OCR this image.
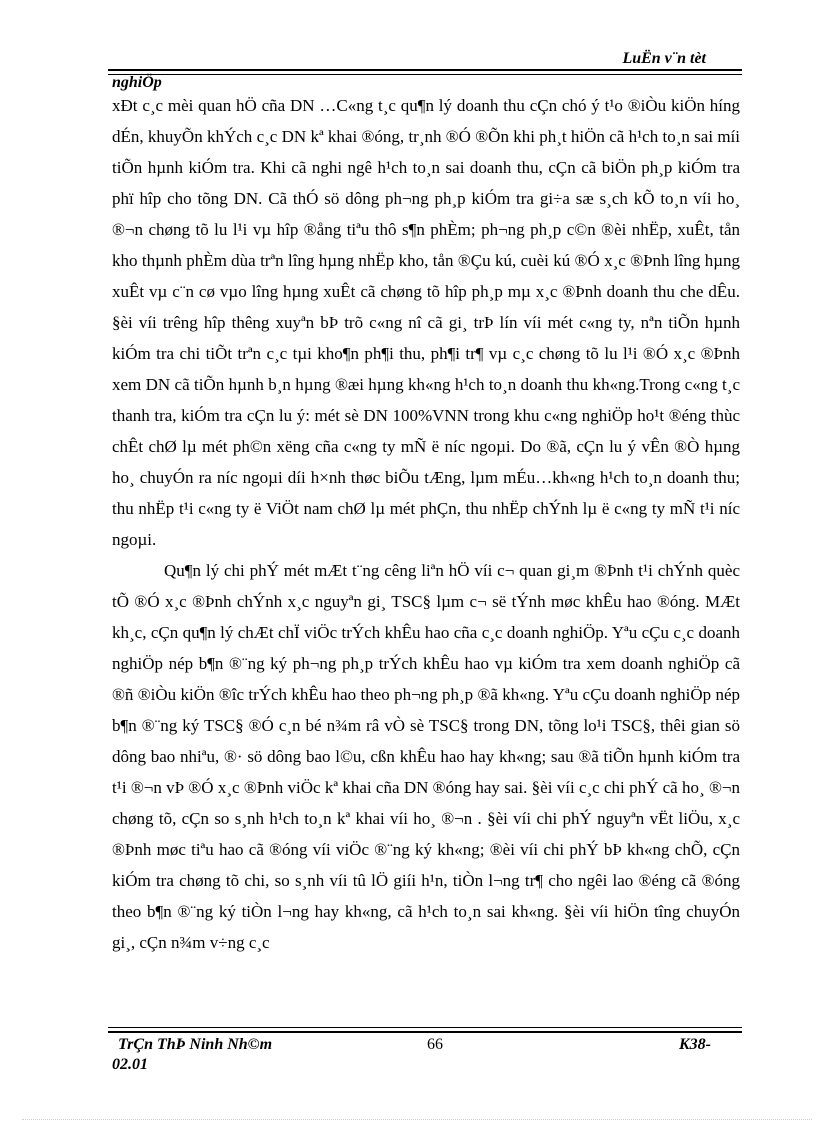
LuËn v¨n tèt
nghiÖp

xÐt c¸c mèi quan hÖ cña DN …C«ng t¸c qu¶n lý doanh thu cÇn chó ý t¹o ®iÒu kiÖn híng dÉn, khuyÕn khÝch c¸c DN kª khai ®óng, tr¸nh ®Ó ®Õn khi ph¸t hiÖn cã h¹ch to¸n sai míi tiÕn hµnh kiÓm tra. Khi cã nghi ngê h¹ch to¸n sai doanh thu, cÇn cã biÖn ph¸p kiÓm tra phï hîp cho tõng DN. Cã thÓ sö dông ph¬ng ph¸p kiÓm tra gi÷a sæ s¸ch kÕ to¸n víi ho¸ ®¬n chøng tõ lu l¹i vµ hîp ®ång tiªu thô s¶n phÈm; ph¬ng ph¸p c©n ®èi nhËp, xuÊt, tån kho thµnh phÈm dùa trªn lîng hµng nhËp kho, tån ®Çu kú, cuèi kú ®Ó x¸c ®Þnh lîng hµng xuÊt vµ c¨n cø vµo lîng hµng xuÊt cã chøng tõ hîp ph¸p mµ x¸c ®Þnh doanh thu che dÊu. §èi víi trêng hîp thêng xuyªn bÞ trõ c«ng nî cã gi¸ trÞ lín víi mét c«ng ty, nªn tiÕn hµnh kiÓm tra chi tiÕt trªn c¸c tµi kho¶n ph¶i thu, ph¶i tr¶ vµ c¸c chøng tõ lu l¹i ®Ó x¸c ®Þnh xem DN cã tiÕn hµnh b¸n hµng ®æi hµng kh«ng h¹ch to¸n doanh thu kh«ng.Trong c«ng t¸c thanh tra, kiÓm tra cÇn lu ý: mét sè DN 100%VNN trong khu c«ng nghiÖp ho¹t ®éng thùc chÊt chØ lµ mét ph©n xëng cña c«ng ty mÑ ë níc ngoµi. Do ®ã, cÇn lu ý vÊn ®Ò hµng ho¸ chuyÓn ra níc ngoµi díi h×nh thøc biÕu tÆng, lµm mÉu…kh«ng h¹ch to¸n doanh thu; thu nhËp t¹i c«ng ty ë ViÖt nam chØ lµ mét phÇn, thu nhËp chÝnh lµ ë c«ng ty mÑ t¹i níc ngoµi.

Qu¶n lý chi phÝ mét mÆt t¨ng cêng liªn hÖ víi c¬ quan gi¸m ®Þnh t¹i chÝnh quèc tÕ ®Ó x¸c ®Þnh chÝnh x¸c nguyªn gi¸ TSC§ lµm c¬ së tÝnh møc khÊu hao ®óng. MÆt kh¸c, cÇn qu¶n lý chÆt chÏ viÖc trÝch khÊu hao cña c¸c doanh nghiÖp. Yªu cÇu c¸c doanh nghiÖp nép b¶n ®¨ng ký ph¬ng ph¸p trÝch khÊu hao vµ kiÓm tra xem doanh nghiÖp cã ®ñ ®iÒu kiÖn ®îc trÝch khÊu hao theo ph¬ng ph¸p ®ã kh«ng. Yªu cÇu doanh nghiÖp nép b¶n ®¨ng ký TSC§ ®Ó c¸n bé n¾m râ vÒ sè TSC§ trong DN, tõng lo¹i TSC§, thêi gian sö dông bao nhiªu, ®· sö dông bao l©u, cßn khÊu hao hay kh«ng; sau ®ã tiÕn hµnh kiÓm tra t¹i ®¬n vÞ ®Ó x¸c ®Þnh viÖc kª khai cña DN ®óng hay sai. §èi víi c¸c chi phÝ cã ho¸ ®¬n chøng tõ, cÇn so s¸nh h¹ch to¸n kª khai víi ho¸ ®¬n . §èi víi chi phÝ nguyªn vËt liÖu, x¸c ®Þnh møc tiªu hao cã ®óng víi viÖc ®¨ng ký kh«ng; ®èi víi chi phÝ bÞ kh«ng chÕ, cÇn kiÓm tra chøng tõ chi, so s¸nh víi tû lÖ giíi h¹n, tiÒn l¬ng tr¶ cho ngêi lao ®éng cã ®óng theo b¶n ®¨ng ký tiÒn l¬ng hay kh«ng, cã h¹ch to¸n sai kh«ng. §èi víi hiÖn tîng chuyÓn gi¸, cÇn n¾m v÷ng c¸c

TrÇn ThÞ Ninh Nh©m	66	K38-
02.01
